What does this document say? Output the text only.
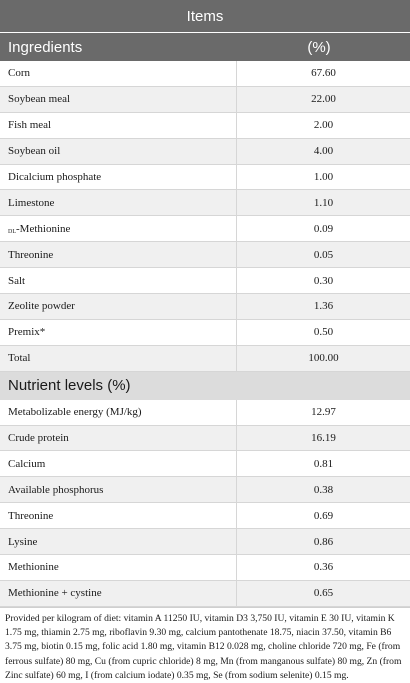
Items
Ingredients	(%)
Corn	67.60
Soybean meal	22.00
Fish meal	2.00
Soybean oil	4.00
Dicalcium phosphate	1.00
Limestone	1.10
DL-Methionine	0.09
Threonine	0.05
Salt	0.30
Zeolite powder	1.36
Premix*	0.50
Total	100.00
Nutrient levels (%)
Metabolizable energy (MJ/kg)	12.97
Crude protein	16.19
Calcium	0.81
Available phosphorus	0.38
Threonine	0.69
Lysine	0.86
Methionine	0.36
Methionine + cystine	0.65
Provided per kilogram of diet: vitamin A 11250 IU, vitamin D3 3,750 IU, vitamin E 30 IU, vitamin K 1.75 mg, thiamin 2.75 mg, riboflavin 9.30 mg, calcium pantothenate 18.75, niacin 37.50, vitamin B6 3.75 mg, biotin 0.15 mg, folic acid 1.80 mg, vitamin B12 0.028 mg, choline chloride 720 mg, Fe (from ferrous sulfate) 80 mg, Cu (from cupric chloride) 8 mg, Mn (from manganous sulfate) 80 mg, Zn (from Zinc sulfate) 60 mg, I (from calcium iodate) 0.35 mg, Se (from sodium selenite) 0.15 mg.
